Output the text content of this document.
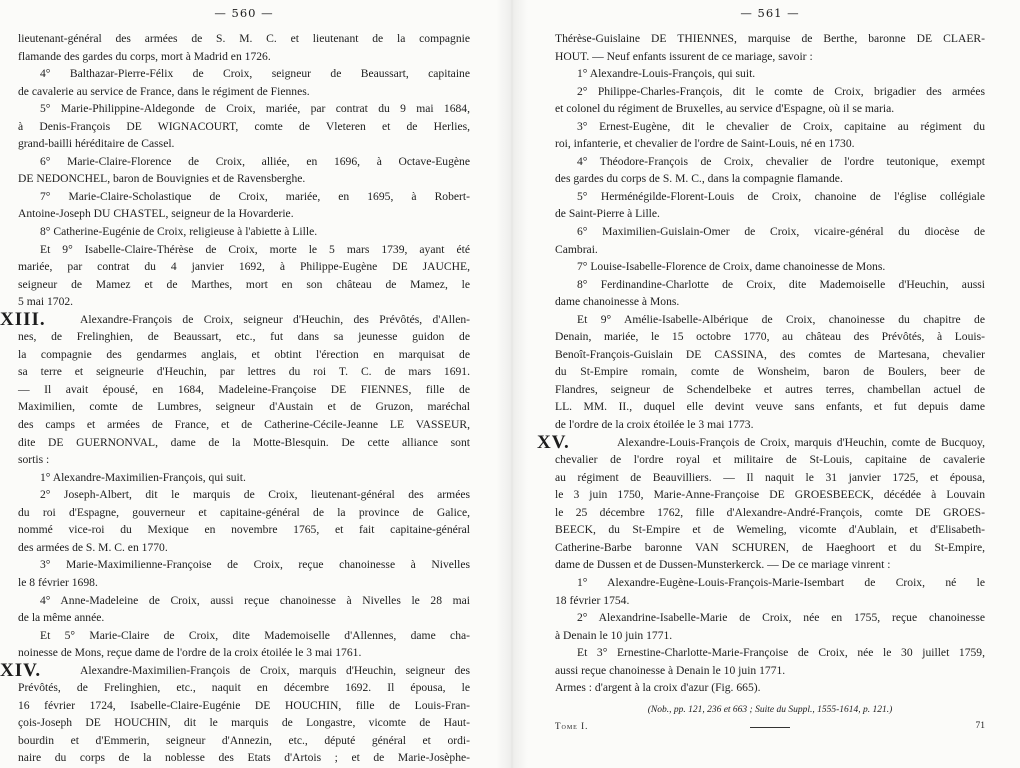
— 560 —
lieutenant-général des armées de S. M. C. et lieutenant de la compagnie
flamande des gardes du corps, mort à Madrid en 1726.
4° Balthazar-Pierre-Félix de Croix, seigneur de Beaussart, capitaine
de cavalerie au service de France, dans le régiment de Fiennes.
5° Marie-Philippine-Aldegonde de Croix, mariée, par contrat du 9 mai 1684,
à Denis-François DE WIGNACOURT, comte de Vleteren et de Herlies,
grand-bailli héréditaire de Cassel.
6° Marie-Claire-Florence de Croix, alliée, en 1696, à Octave-Eugène
DE NEDONCHEL, baron de Bouvignies et de Ravensberghe.
7° Marie-Claire-Scholastique de Croix, mariée, en 1695, à Robert-
Antoine-Joseph DU CHASTEL, seigneur de la Hovarderie.
8° Catherine-Eugénie de Croix, religieuse à l'abiette à Lille.
Et 9° Isabelle-Claire-Thérèse de Croix, morte le 5 mars 1739, ayant été
mariée, par contrat du 4 janvier 1692, à Philippe-Eugène DE JAUCHE,
seigneur de Mamez et de Marthes, mort en son château de Mamez, le
5 mai 1702.
XIII.	Alexandre-François de Croix, seigneur d'Heuchin, des Prévôtés, d'Allen-
nes, de Frelinghien, de Beaussart, etc., fut dans sa jeunesse guidon de
la compagnie des gendarmes anglais, et obtint l'érection en marquisat de
sa terre et seigneurie d'Heuchin, par lettres du roi T. C. de mars 1691.
— Il avait épousé, en 1684, Madeleine-Françoise DE FIENNES, fille de
Maximilien, comte de Lumbres, seigneur d'Austain et de Gruzon, maréchal
des camps et armées de France, et de Catherine-Cécile-Jeanne LE VASSEUR,
dite DE GUERNONVAL, dame de la Motte-Blesquin. De cette alliance sont
sortis :
1° Alexandre-Maximilien-François, qui suit.
2° Joseph-Albert, dit le marquis de Croix, lieutenant-général des armées
du roi d'Espagne, gouverneur et capitaine-général de la province de Galice,
nommé vice-roi du Mexique en novembre 1765, et fait capitaine-général
des armées de S. M. C. en 1770.
3° Marie-Maximilienne-Françoise de Croix, reçue chanoinesse à Nivelles
le 8 février 1698.
4° Anne-Madeleine de Croix, aussi reçue chanoinesse à Nivelles le 28 mai
de la même année.
Et 5° Marie-Claire de Croix, dite Mademoiselle d'Allennes, dame cha-
noinesse de Mons, reçue dame de l'ordre de la croix étoilée le 3 mai 1761.
XIV.	Alexandre-Maximilien-François de Croix, marquis d'Heuchin, seigneur des
Prévôtés, de Frelinghien, etc., naquit en décembre 1692. Il épousa, le
16 février 1724, Isabelle-Claire-Eugénie DE HOUCHIN, fille de Louis-Fran-
çois-Joseph DE HOUCHIN, dit le marquis de Longastre, vicomte de Haut-
bourdin et d'Emmerin, seigneur d'Annezin, etc., député général et ordi-
naire du corps de la noblesse des Etats d'Artois ; et de Marie-Josèphe-
— 561 —
Thérèse-Guislaine DE THIENNES, marquise de Berthe, baronne DE CLAER-
HOUT. — Neuf enfants issurent de ce mariage, savoir :
1° Alexandre-Louis-François, qui suit.
2° Philippe-Charles-François, dit le comte de Croix, brigadier des armées
et colonel du régiment de Bruxelles, au service d'Espagne, où il se maria.
3° Ernest-Eugène, dit le chevalier de Croix, capitaine au régiment du
roi, infanterie, et chevalier de l'ordre de Saint-Louis, né en 1730.
4° Théodore-François de Croix, chevalier de l'ordre teutonique, exempt
des gardes du corps de S. M. C., dans la compagnie flamande.
5° Herménégilde-Florent-Louis de Croix, chanoine de l'église collégiale
de Saint-Pierre à Lille.
6° Maximilien-Guislain-Omer de Croix, vicaire-général du diocèse de
Cambrai.
7° Louise-Isabelle-Florence de Croix, dame chanoinesse de Mons.
8° Ferdinandine-Charlotte de Croix, dite Mademoiselle d'Heuchin, aussi
dame chanoinesse à Mons.
Et 9° Amélie-Isabelle-Albérique de Croix, chanoinesse du chapitre de
Denain, mariée, le 15 octobre 1770, au château des Prévôtés, à Louis-
Benoît-François-Guislain DE CASSINA, des comtes de Martesana, chevalier
du St-Empire romain, comte de Wonsheim, baron de Boulers, beer de
Flandres, seigneur de Schendelbeke et autres terres, chambellan actuel de
LL. MM. II., duquel elle devint veuve sans enfants, et fut depuis dame
de l'ordre de la croix étoilée le 3 mai 1773.
XV.	Alexandre-Louis-François de Croix, marquis d'Heuchin, comte de Bucquoy,
chevalier de l'ordre royal et militaire de St-Louis, capitaine de cavalerie
au régiment de Beauvilliers. — Il naquit le 31 janvier 1725, et épousa,
le 3 juin 1750, Marie-Anne-Françoise DE GROESBEECK, décédée à Louvain
le 25 décembre 1762, fille d'Alexandre-André-François, comte DE GROES-
BEECK, du St-Empire et de Wemeling, vicomte d'Aublain, et d'Elisabeth-
Catherine-Barbe baronne VAN SCHUREN, de Haeghoort et du St-Empire,
dame de Dussen et de Dussen-Munsterkerck. — De ce mariage vinrent :
1° Alexandre-Eugène-Louis-François-Marie-Isembart de Croix, né le
18 février 1754.
2° Alexandrine-Isabelle-Marie de Croix, née en 1755, reçue chanoinesse
à Denain le 10 juin 1771.
Et 3° Ernestine-Charlotte-Marie-Françoise de Croix, née le 30 juillet 1759,
aussi reçue chanoinesse à Denain le 10 juin 1771.
Armes : d'argent à la croix d'azur (Fig. 665).
(Nob., pp. 121, 236 et 663 ; Suite du Suppl., 1555-1614, p. 121.)
Tome I.	71
